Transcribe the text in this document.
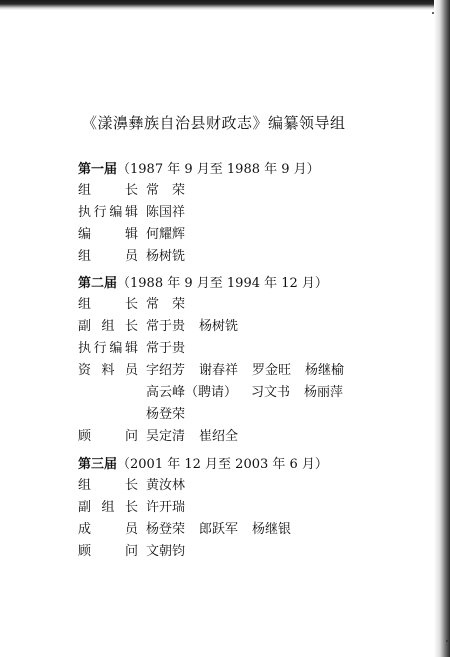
《漾濞彝族自治县财政志》编纂领导组
第一届（1987 年 9 月至 1988 年 9 月）
组	长 常　荣
执 行 编 辑 陈国祥
编	辑 何耀辉
组	员 杨树铣
第二届（1988 年 9 月至 1994 年 12 月）
组	长 常　荣
副 组 长 常于贵 杨树铣
执 行 编 辑 常于贵
资 料 员 字绍芳 谢春祥 罗金旺 杨继榆
高云峰（聘请） 习文书 杨丽萍
杨登荣
顾	问 吴定清 崔绍全
第三届（2001 年 12 月至 2003 年 6 月）
组	长 黄汝林
副 组 长 许开瑞
成	员 杨登荣 郎跃军 杨继银
顾	问 文朝钧
